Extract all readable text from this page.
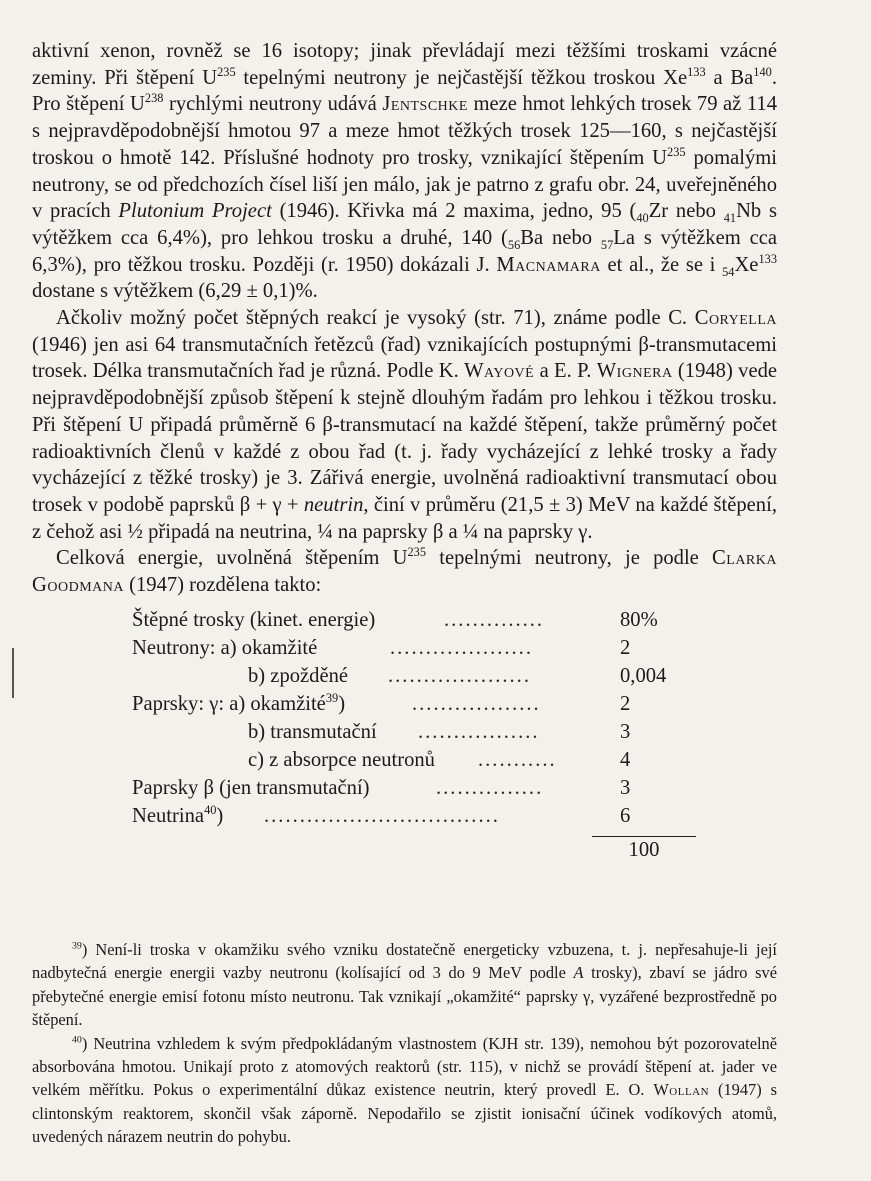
aktivní xenon, rovněž se 16 isotopy; jinak převládají mezi těžšími troskami vzácné zeminy. Při štěpení $U^{235}$ tepelnými neutrony je nejčastější těžkou troskou Xe$^{133}$ a Ba$^{140}$. Pro štěpení $U^{238}$ rychlými neutrony udává Jentschke meze hmot lehkých trosek 79 až 114 s nejpravděpodobnější hmotou 97 a meze hmot těžkých trosek 125—160, s nejčastější troskou o hmotě 142. Příslušné hodnoty pro trosky, vznikající štěpením $U^{235}$ pomalými neutrony, se od předchozích čísel liší jen málo, jak je patrno z grafu obr. 24, uveřejněného v pracích Plutonium Project (1946). Křivka má 2 maxima, jedno, 95 ($_{40}Zr$ nebo $_{41}$Nb s výtěžkem cca 6,4%), pro lehkou trosku a druhé, 140 ($_{56}Ba$ nebo $_{57}$La s výtěžkem cca 6,3%), pro těžkou trosku. Později (r. 1950) dokázali J. Macnamara et al., že se i $_{54}Xe^{133}$ dostane s výtěžkem (6,29 ± 0,1)%.

Ačkoliv možný počet štěpných reakcí je vysoký (str. 71), známe podle C. Coryella (1946) jen asi 64 transmutačních řetězců (řad) vznikajících postupnými β-transmutacemi trosek. Délka transmutačních řad je různá. Podle K. Wayové a E. P. Wignera (1948) vede nejpravděpodobnější způsob štěpení k stejně dlouhým řadám pro lehkou i těžkou trosku. Při štěpení U připadá průměrně 6 β-transmutací na každé štěpení, takže průměrný počet radioaktivních členů v každé z obou řad (t. j. řady vycházející z lehké trosky a řady vycházející z těžké trosky) je 3. Zářivá energie, uvolněná radioaktivní transmutací obou trosek v podobě paprsků β + γ + neutrin, činí v průměru (21,5 ± 3) MeV na každé štěpení, z čehož asi ½ připadá na neutrina, ¼ na paprsky β a ¼ na paprsky γ.

Celková energie, uvolněná štěpením $U^{235}$ tepelnými neutrony, je podle Clarka Goodmana (1947) rozdělena takto:

Štěpné trosky (kinet. energie)	..............	80%
Neutrony: a) okamžité	....................	2
b) zpožděné ....................	0,004
Paprsky: γ: a) okamžité$^{39}$)	..................	2
b) transmutační .................	3
c) z absorpce neutronů ...........	4
Paprsky β (jen transmutační)	...............	3
Neutrina$^{40}$) .................................	6
100

$^{39}$) Není-li troska v okamžiku svého vzniku dostatečně energeticky vzbuzena, t. j. nepřesahuje-li její nadbytečná energie energii vazby neutronu (kolísající od 3 do 9 MeV podle A trosky), zbaví se jádro své přebytečné energie emisí fotonu místo neutronu. Tak vznikají „okamžité“ paprsky γ, vyzářené bezprostředně po štěpení.

$^{40}$) Neutrina vzhledem k svým předpokládaným vlastnostem (KJH str. 139), nemohou být pozorovatelně absorbována hmotou. Unikají proto z atomových reaktorů (str. 115), v nichž se provádí štěpení at. jader ve velkém měřítku. Pokus o experimentální důkaz existence neutrin, který provedl E. O. Wollan (1947) s clintonským reaktorem, skončil však záporně. Nepodařilo se zjistit ionisační účinek vodíkových atomů, uvedených nárazem neutrin do pohybu.
